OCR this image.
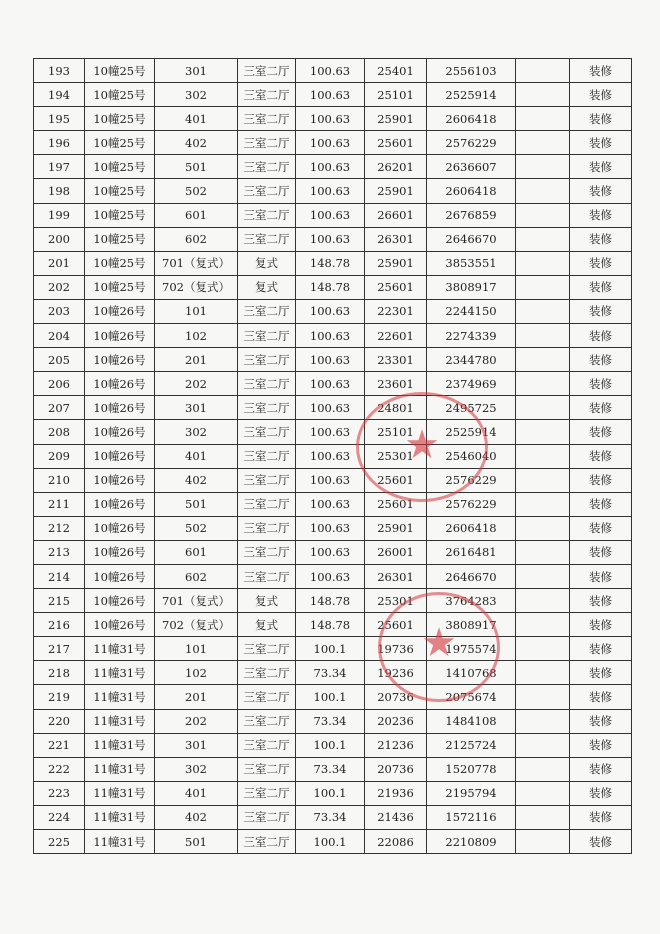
193	10幢25号	301	三室二厅	100.63	25401	2556103		装修
194	10幢25号	302	三室二厅	100.63	25101	2525914		装修
195	10幢25号	401	三室二厅	100.63	25901	2606418		装修
196	10幢25号	402	三室二厅	100.63	25601	2576229		装修
197	10幢25号	501	三室二厅	100.63	26201	2636607		装修
198	10幢25号	502	三室二厅	100.63	25901	2606418		装修
199	10幢25号	601	三室二厅	100.63	26601	2676859		装修
200	10幢25号	602	三室二厅	100.63	26301	2646670		装修
201	10幢25号	701（复式）	复式	148.78	25901	3853551		装修
202	10幢25号	702（复式）	复式	148.78	25601	3808917		装修
203	10幢26号	101	三室二厅	100.63	22301	2244150		装修
204	10幢26号	102	三室二厅	100.63	22601	2274339		装修
205	10幢26号	201	三室二厅	100.63	23301	2344780		装修
206	10幢26号	202	三室二厅	100.63	23601	2374969		装修
207	10幢26号	301	三室二厅	100.63	24801	2495725		装修
208	10幢26号	302	三室二厅	100.63	25101	2525914		装修
209	10幢26号	401	三室二厅	100.63	25301	2546040		装修
210	10幢26号	402	三室二厅	100.63	25601	2576229		装修
211	10幢26号	501	三室二厅	100.63	25601	2576229		装修
212	10幢26号	502	三室二厅	100.63	25901	2606418		装修
213	10幢26号	601	三室二厅	100.63	26001	2616481		装修
214	10幢26号	602	三室二厅	100.63	26301	2646670		装修
215	10幢26号	701（复式）	复式	148.78	25301	3764283		装修
216	10幢26号	702（复式）	复式	148.78	25601	3808917		装修
217	11幢31号	101	三室二厅	100.1	19736	1975574		装修
218	11幢31号	102	三室二厅	73.34	19236	1410768		装修
219	11幢31号	201	三室二厅	100.1	20736	2075674		装修
220	11幢31号	202	三室二厅	73.34	20236	1484108		装修
221	11幢31号	301	三室二厅	100.1	21236	2125724		装修
222	11幢31号	302	三室二厅	73.34	20736	1520778		装修
223	11幢31号	401	三室二厅	100.1	21936	2195794		装修
224	11幢31号	402	三室二厅	73.34	21436	1572116		装修
225	11幢31号	501	三室二厅	100.1	22086	2210809		装修
★
★
